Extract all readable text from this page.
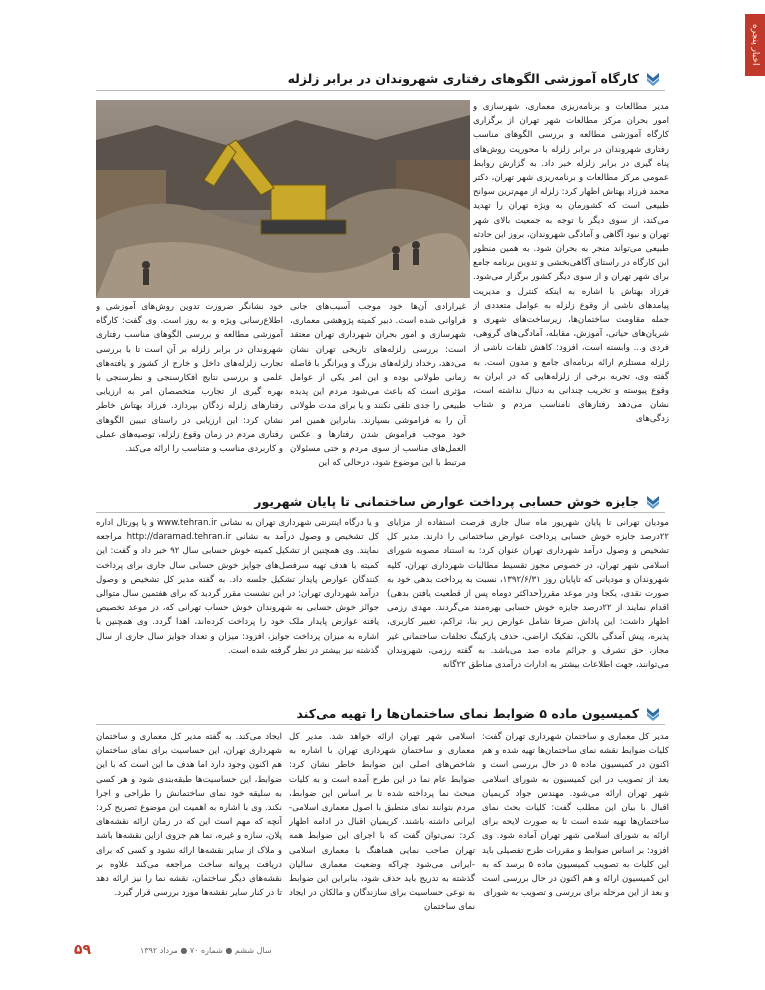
اخبار پنجره
کارگاه آموزشی الگوهای رفتاری شهروندان در برابر زلزله

مدیر مطالعات و برنامه‌ریزی معماری، شهرسازی و امور بحران مرکز مطالعات شهر تهران از برگزاری کارگاه آموزشی مطالعه و بررسی الگوهای مناسب رفتاری شهروندان در برابر زلزله با محوریت روش‌های پناه گیری در برابر زلزله خبر داد. به گزارش روابط عمومی مرکز مطالعات و برنامه‌ریزی شهر تهران، دکتر محمد فرزاد بهتاش اظهار کرد: زلزله از مهم‌ترین سوانح طبیعی است که کشورمان به ویژه تهران را تهدید می‌کند، از سوی دیگر با توجه به جمعیت بالای شهر تهران و نبود آگاهی و آمادگی شهروندان، بروز این حادثه طبیعی می‌تواند منجر به بحران شود. به همین منظور این کارگاه در راستای آگاهی‌بخشی و تدوین برنامه جامع برای شهر تهران و از سوی دیگر کشور برگزار می‌شود. فرزاد بهتاش با اشاره به اینکه کنترل و مدیریت پیامدهای ناشی از وقوع زلزله به عوامل متعددی از جمله مقاومت ساختمان‌ها، زیرساخت‌های شهری و شریان‌های حیاتی، آموزش، مقابله، آمادگی‌های گروهی، فردی و... وابسته است، افزود: کاهش تلفات ناشی از زلزله مستلزم ارائه برنامه‌ای جامع و مدون است. به گفته وی، تجربه برخی از زلزله‌هایی که در ایران به وقوع پیوسته و تخریب چندانی به دنبال نداشته است، نشان می‌دهد رفتارهای نامناسب مردم و شتاب زدگی‌های

غیرارادی آن‌ها خود موجب آسیب‌های جانی فراوانی شده است. دبیر کمیته پژوهشی معماری، شهرسازی و امور بحران شهرداری تهران معتقد است: بررسی زلزله‌های تاریخی تهران نشان می‌دهد، رخداد زلزله‌های بزرگ و ویرانگر با فاصله زمانی طولانی بوده و این امر یکی از عوامل مؤثری است که باعث می‌شود مردم این پدیده طبیعی را جدی تلقی نکنند و یا برای مدت طولانی آن را به فراموشی بسپارند. بنابراین همین امر خود موجب فراموش شدن رفتارها و عکس العمل‌های مناسب از سوی مردم و حتی مسئولان مرتبط با این موضوع شود، درحالی که این

خود نشانگر ضرورت تدوین روش‌های آموزشی و اطلاع‌رسانی ویژه و به روز است. وی گفت: کارگاه آموزشی مطالعه و بررسی الگوهای مناسب رفتاری شهروندان در برابر زلزله بر آن است تا با بررسی تجارب زلزله‌های داخل و خارج از کشور و یافته‌های علمی و بررسی نتایج افکارسنجی و نظرسنجی با بهره گیری از تجارب متخصصان امر به ارزیابی رفتارهای زلزله زدگان بپردازد. فرزاد بهتاش خاطر نشان کرد: این ارزیابی در راستای تبیین الگوهای رفتاری مردم در زمان وقوع زلزله، توصیه‌های عملی و کاربردی مناسب و متناسب را ارائه می‌کند.

جایزه خوش حسابی پرداخت عوارض ساختمانی تا پایان شهریور

مودیان تهرانی تا پایان شهریور ماه سال جاری فرصت استفاده از مزایای ۲۲درصد جایزه خوش حسابی پرداخت عوارض ساختمانی را دارند. مدیر کل تشخیص و وصول درآمد شهرداری تهران عنوان کرد: به استناد مصوبه شورای اسلامی شهر تهران، در خصوص مجوز تقسیط مطالبات شهرداری تهران، کلیه شهروندان و مودیانی که تاپایان روز ۱۳۹۲/۶/۳۱، نسبت به پرداخت بدهی خود به صورت نقدی، یکجا ودر موعد مقرر(حداکثر دوماه پس از قطعیت یافتن بدهی) اقدام نمایند از ۲۲درصد جایزه خوش حسابی بهره‌مند می‌گردند. مهدی رزمی اظهار داشت: این پاداش صرفا شامل عوارض زیر بنا، تراکم، تغییر کاربری، پذیره، پیش آمدگی بالکن، تفکیک اراضی، حذف پارکینگ تخلفات ساختمانی غیر مجاز، حق تشرف و جرائم ماده صد می‌باشد. به گفته رزمی، شهروندان می‌توانند، جهت اطلاعات بیشتر به ادارات درآمدی مناطق ۲۲گانه

و یا درگاه اینترنتی شهرداری تهران به نشانی www.tehran.ir و یا پورتال اداره کل تشخیص و وصول درآمد به نشانی http://daramad.tehran.ir مراجعه نمایند. وی همچنین از تشکیل کمیته خوش حسابی سال ۹۲ خبر داد و گفت: این کمیته با هدف تهیه سرفصل‌های جوایز خوش حسابی سال جاری برای پرداخت کنندگان عوارض پایدار تشکیل جلسه داد. به گفته مدیر کل تشخیص و وصول درآمد شهرداری تهران: در این نشست مقرر گردید که برای هفتمین سال متوالی جوائز خوش حسابی به شهروندان خوش حساب تهرانی که، در موعد تخصیص یافته عوارض پایدار ملک خود را پرداخت کرده‌اند، اهدا گردد. وی همچنین با اشاره به میزان پرداخت جوایز، افزود: میزان و تعداد جوایز سال جاری از سال گذشته نیز بیشتر در نظر گرفته شده است.

کمیسیون ماده ۵ ضوابط نمای ساختمان‌ها را تهیه می‌کند

مدیر کل معماری و ساختمان شهرداری تهران گفت: کلیات ضوابط نقشه نمای ساختمان‌ها تهیه شده و هم اکنون در کمیسیون ماده ۵ در حال بررسی است و بعد از تصویب در این کمیسیون به شورای اسلامی شهر تهران ارائه می‌شود. مهندس جواد کریمیان اقبال با بیان این مطلب گفت: کلیات بحث نمای ساختمان‌ها تهیه شده است تا به صورت لایحه برای ارائه به شورای اسلامی شهر تهران آماده شود. وی افزود: بر اساس ضوابط و مقررات طرح تفصیلی باید این کلیات به تصویب کمیسیون ماده ۵ برسد که به این کمیسیون ارائه و هم اکنون در حال بررسی است و بعد از این مرحله برای بررسی و تصویب به شورای

اسلامی شهر تهران ارائه خواهد شد. مدیر کل معماری و ساختمان شهرداری تهران با اشاره به شاخص‌های اصلی این ضوابط خاطر نشان کرد: ضوابط عام نما در این طرح آمده است و به کلیات مبحث نما پرداخته شده تا بر اساس این ضوابط، مردم بتوانند نمای منطبق با اصول معماری اسلامی-ایرانی داشته باشند. کریمیان اقبال در ادامه اظهار کرد: نمی‌توان گفت که با اجرای این ضوابط همه تهران صاحب نمایی هماهنگ با معماری اسلامی -ایرانی می‌شود چراکه وضعیت معماری سالیان گذشته به تدریج باید حذف شود، بنابراین این ضوابط به نوعی حساسیت برای سازندگان و مالکان در ایجاد نمای ساختمان

ایجاد می‌کند. به گفته مدیر کل معماری و ساختمان شهرداری تهران، این حساسیت برای نمای ساختمان هم اکنون وجود دارد اما هدف ما این است که با این ضوابط، این حساسیت‌ها طبقه‌بندی شود و هر کسی به سلیقه خود نمای ساختمانش را طراحی و اجرا نکند. وی با اشاره به اهمیت این موضوع تصریح کرد: آنچه که مهم است این که در زمان ارائه نقشه‌های پلان، سازه و غیره، نما هم جزوی ازاین نقشه‌ها باشد و ملاک از سایر نقشه‌ها ارائه نشود و کسی که برای دریافت پروانه ساخت مراجعه می‌کند علاوه بر نقشه‌های دیگر ساختمان، نقشه نما را نیز ارائه دهد تا در کنار سایر نقشه‌ها مورد بررسی قرار گیرد.

سال ششم ● شماره ۷۰ ● مرداد ۱۳۹۲
۵۹
